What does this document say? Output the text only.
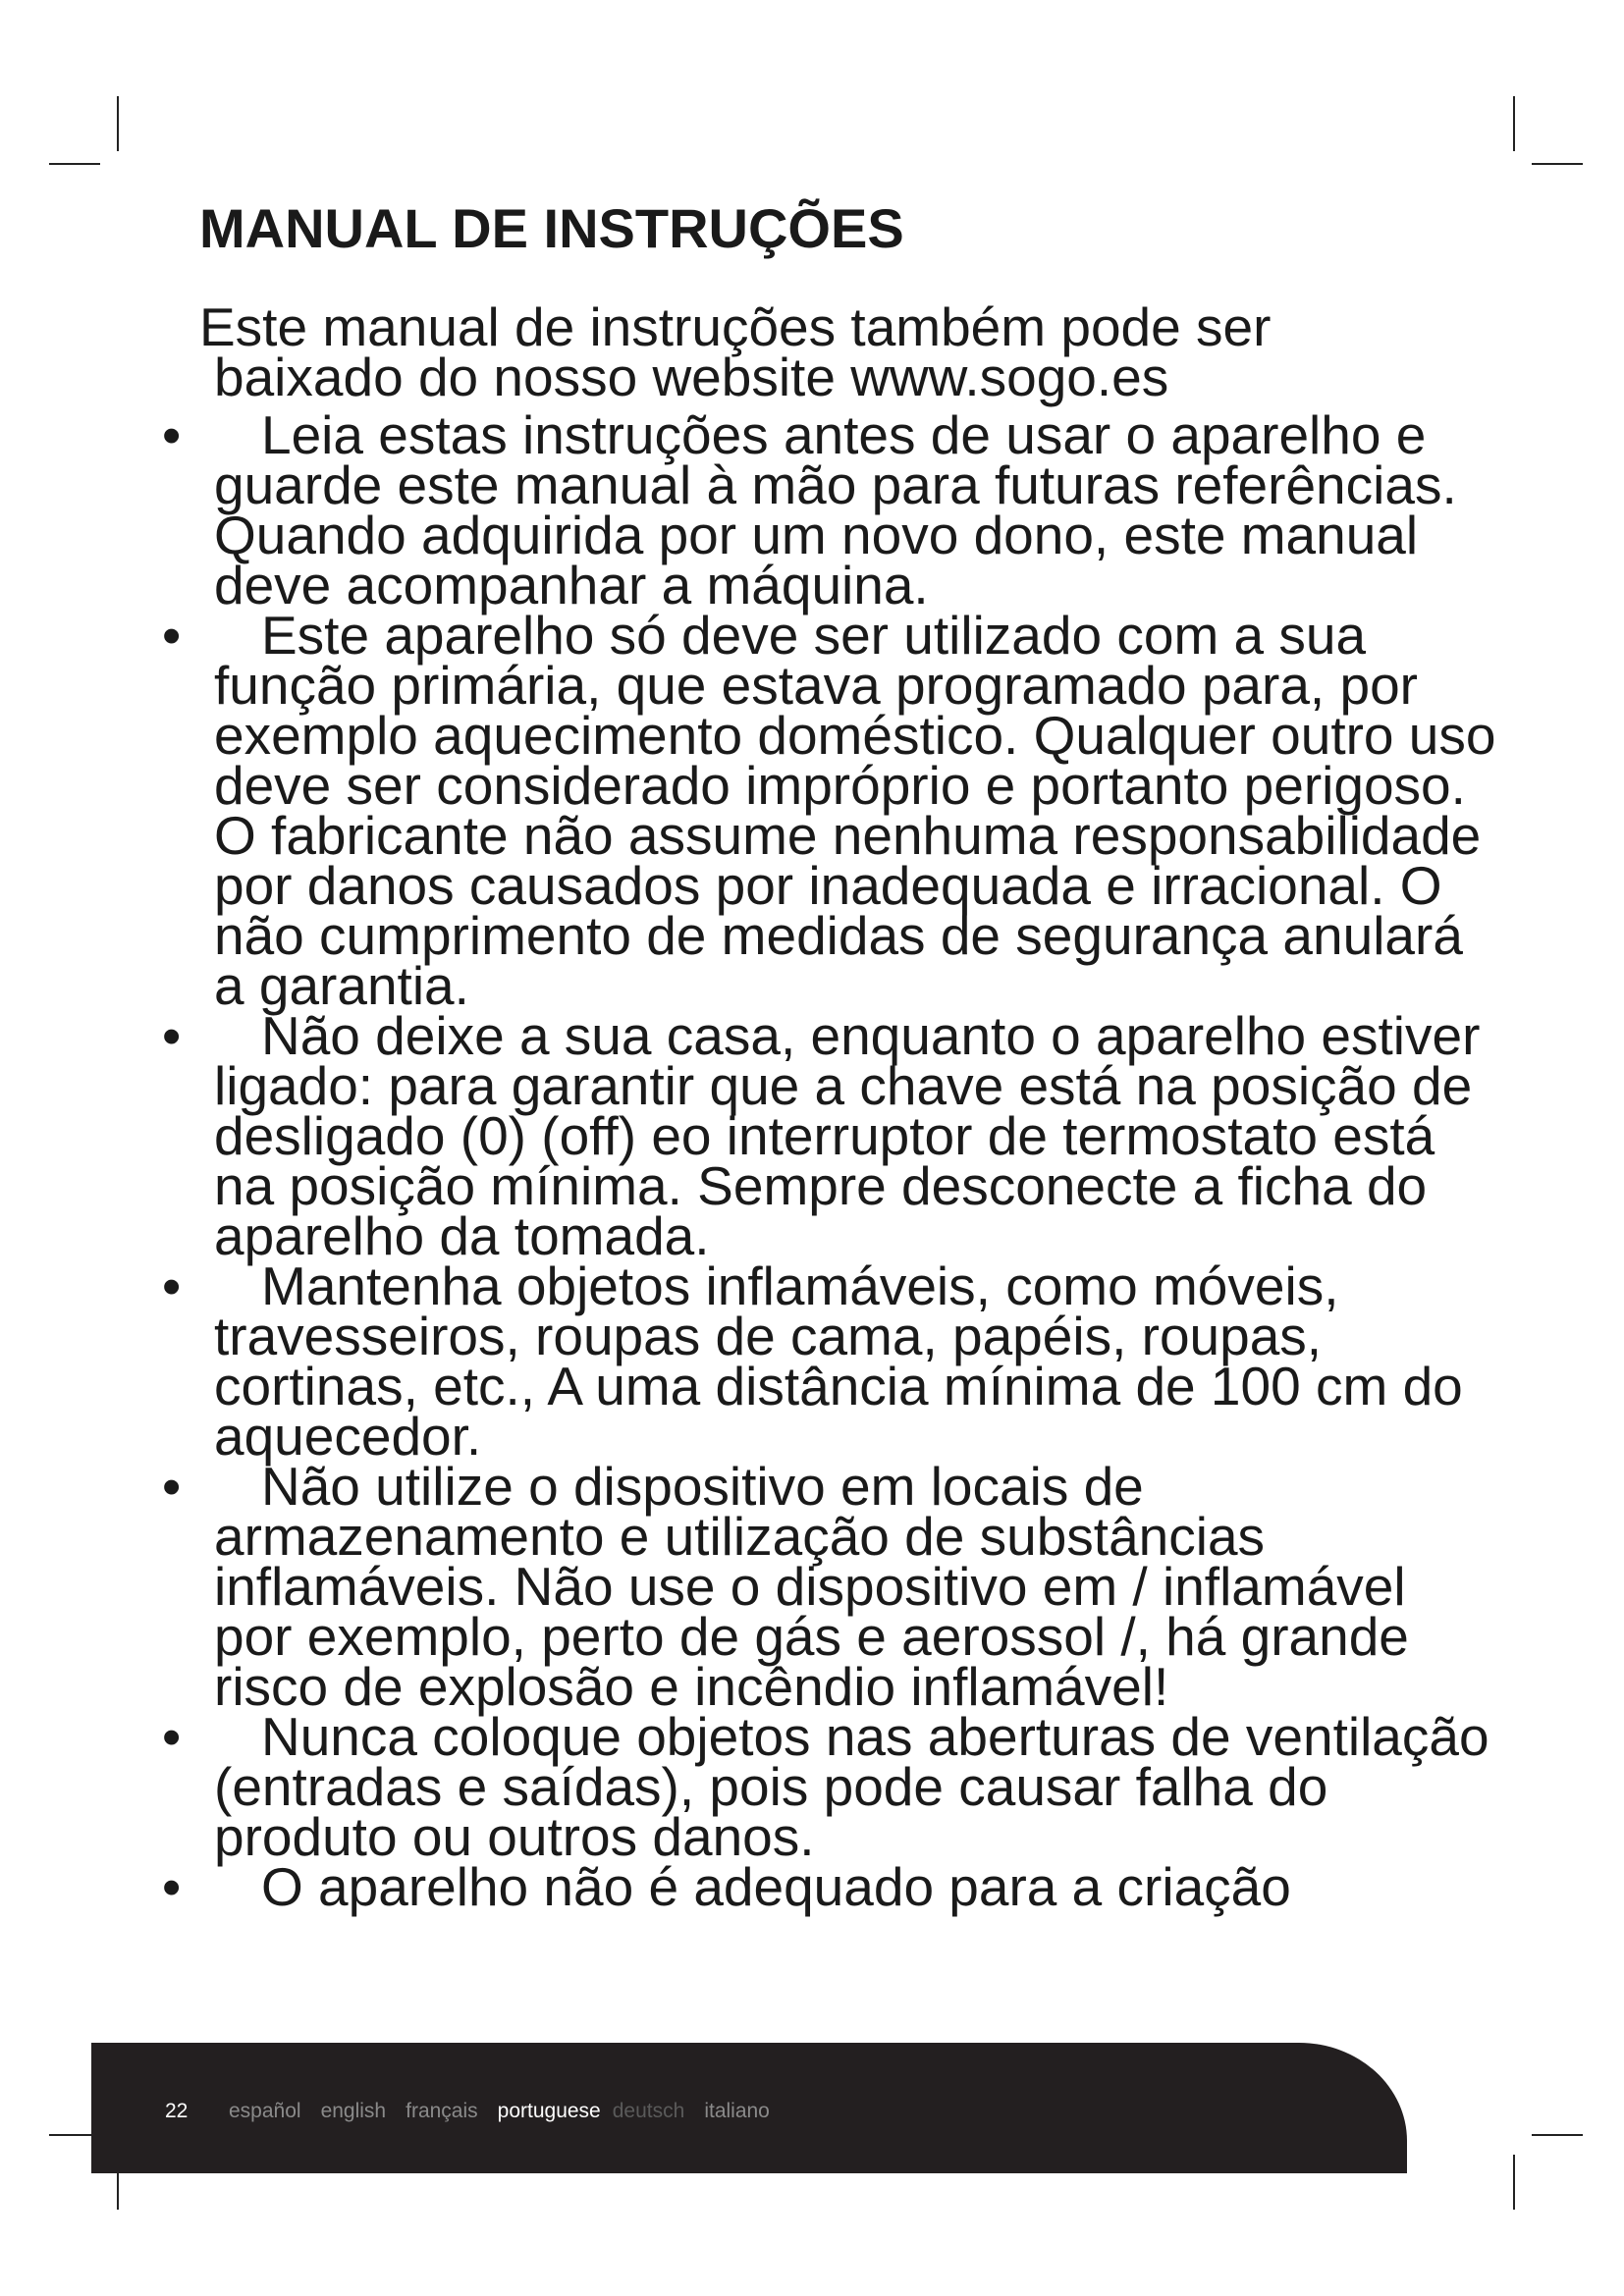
MANUAL DE INSTRUÇÕES
Este manual de instruções também pode ser
baixado do nosso website www.sogo.es
•	Leia estas instruções antes de usar o aparelho e guarde este manual à mão para futuras referências. Quando adquirida por um novo dono, este manual deve acompanhar a máquina.
•	Este aparelho só deve ser utilizado com a sua função primária, que estava programado para, por exemplo aquecimento doméstico. Qualquer outro uso deve ser considerado impróprio e portanto perigoso. O fabricante não assume nenhuma responsabilidade por danos causados por inadequada e irracional. O não cumprimento de medidas de segurança anulará a garantia.
•	Não deixe a sua casa, enquanto o aparelho estiver ligado: para garantir que a chave está na posição de desligado (0) (off) eo interruptor de termostato está na posição mínima. Sempre desconecte a ficha do aparelho da tomada.
•	Mantenha objetos inflamáveis, como móveis, travesseiros, roupas de cama, papéis, roupas, cortinas, etc., A uma distância mínima de 100 cm do aquecedor.
•	Não utilize o dispositivo em locais de armazenamento e utilização de substâncias inflamáveis. Não use o dispositivo em / inflamável por exemplo, perto de gás e aerossol /, há grande risco de explosão e incêndio inflamável!
•	Nunca coloque objetos nas aberturas de ventilação (entradas e saídas), pois pode causar falha do produto ou outros danos.
•	O aparelho não é adequado para a criação
22 español english français portuguese deutsch italiano
